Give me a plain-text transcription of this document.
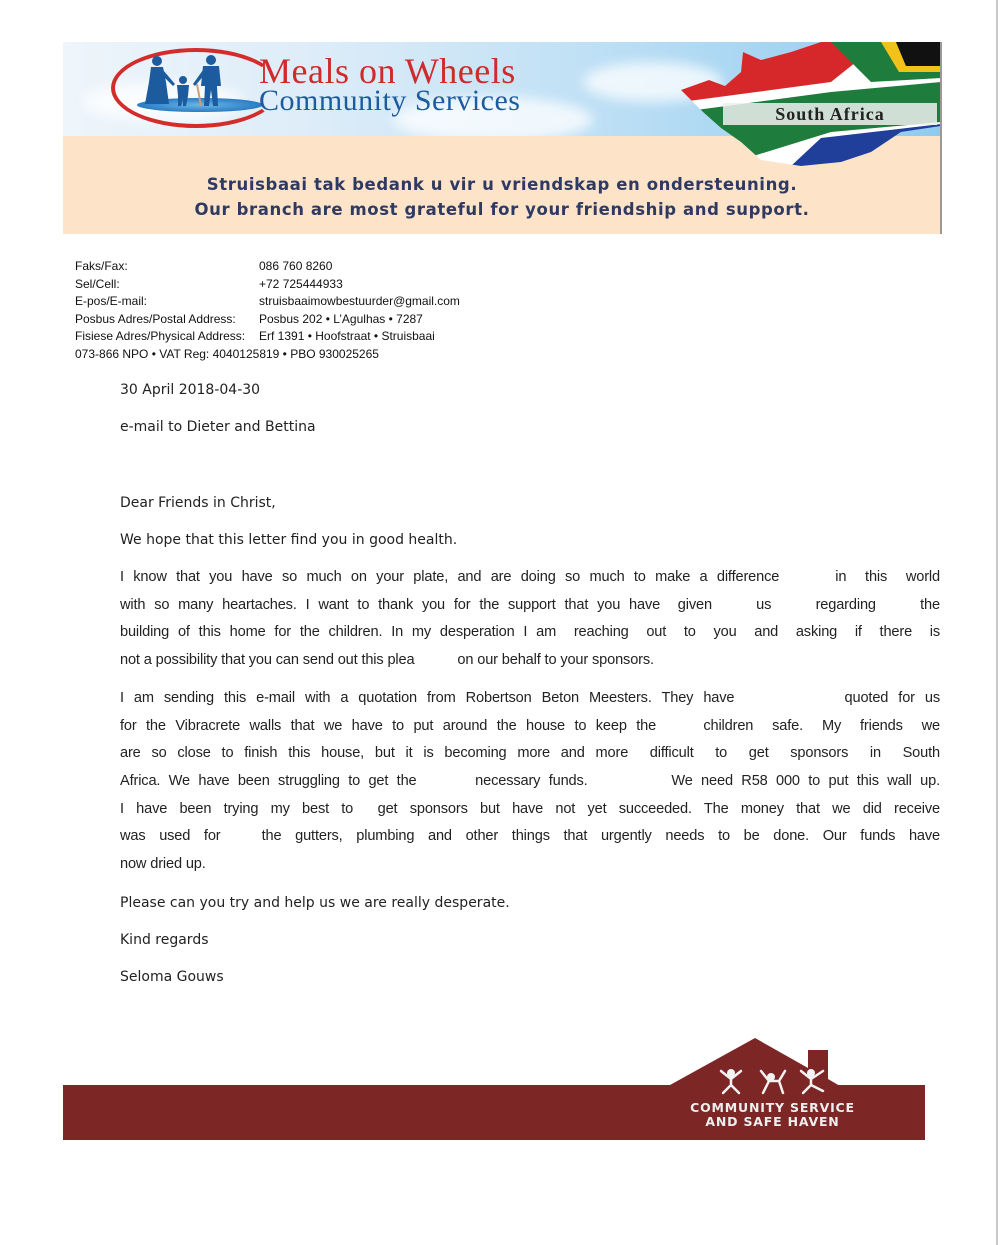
Meals on Wheels
Community Services	South Africa
Struisbaai tak bedank u vir u vriendskap en ondersteuning.
Our branch are most grateful for your friendship and support.
Faks/Fax:	086 760 8260
Sel/Cell:	+72 725444933
E-pos/E-mail:	struisbaaimowbestuurder@gmail.com
Posbus Adres/Postal Address: Posbus 202 • L’Agulhas • 7287
Fisiese Adres/Physical Address: Erf 1391 • Hoofstraat • Struisbaai
073-866 NPO • VAT Reg: 4040125819 • PBO 930025265
30 April 2018-04-30
e-mail to Dieter and Bettina
Dear Friends in Christ,
We hope that this letter find you in good health.
I know that you have so much on your plate, and are doing so much to make a difference      in  this  world
with so many heartaches. I want to thank you for the support that you have  given     us     regarding     the
building of this home for the children. In my desperation I am  reaching  out  to  you  and  asking  if  there  is
not a possibility that you can send out this plea           on our behalf to your sponsors.
I am sending this e-mail with a quotation from Robertson Beton Meesters. They have           quoted for us
for the Vibracrete walls that we have to put around the house to keep the     children  safe.  My  friends  we
are so close to finish this house, but it is becoming more and more  difficult  to  get  sponsors  in  South
Africa. We have been struggling to get the       necessary funds.          We need R58 000 to put this wall up.
I have been trying my best to  get sponsors but have not yet succeeded. The money that we did receive
was used for   the gutters, plumbing and other things that urgently needs to be done. Our funds have
now dried up.
Please can you try and help us we are really desperate.
Kind regards
Seloma Gouws
COMMUNITY SERVICE
AND SAFE HAVEN
